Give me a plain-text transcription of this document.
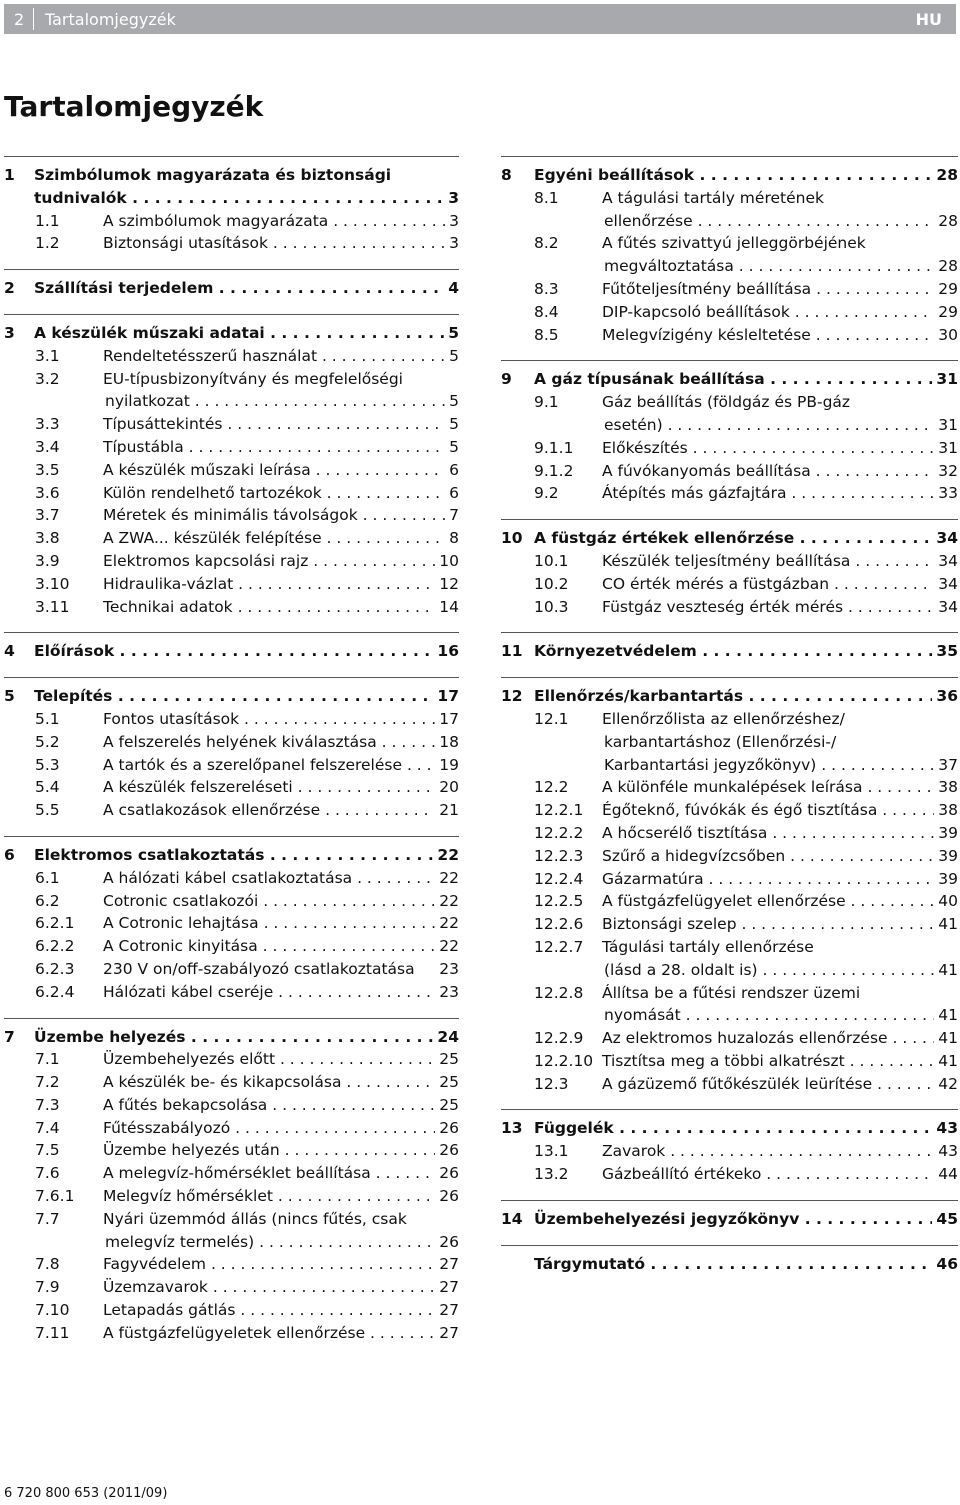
2 Tartalomjegyzék	HU
Tartalomjegyzék
1	Szimbólumok magyarázata és biztonsági
tudnivalók . . .	3
1.1	A szimbólumok magyarázata . . .	3
1.2	Biztonsági utasítások . . .	3
2	Szállítási terjedelem . . .	4
3	A készülék műszaki adatai . . .	5
3.1	Rendeltetésszerű használat . . .	5
3.2	EU-típusbizonyítvány és megfelelőségi
nyilatkozat . . .	5
3.3	Típusáttekintés . . .	5
3.4	Típustábla . . .	5
3.5	A készülék műszaki leírása . . .	6
3.6	Külön rendelhető tartozékok . . .	6
3.7	Méretek és minimális távolságok . . .	7
3.8	A ZWA... készülék felépítése . . .	8
3.9	Elektromos kapcsolási rajz . . .	10
3.10	Hidraulika-vázlat . . .	12
3.11	Technikai adatok . . .	14
4	Előírások . . .	16
5	Telepítés . . .	17
5.1	Fontos utasítások . . .	17
5.2	A felszerelés helyének kiválasztása . . .	18
5.3	A tartók és a szerelőpanel felszerelése . . .	19
5.4	A készülék felszereléseti . . .	20
5.5	A csatlakozások ellenőrzése . . .	21
6	Elektromos csatlakoztatás . . .	22
6.1	A hálózati kábel csatlakoztatása . . .	22
6.2	Cotronic csatlakozói . . .	22
6.2.1	A Cotronic lehajtása . . .	22
6.2.2	A Cotronic kinyitása . . .	22
6.2.3	230 V on/off-szabályozó csatlakoztatása	23
6.2.4	Hálózati kábel cseréje . . .	23
7	Üzembe helyezés . . .	24
7.1	Üzembehelyezés előtt . . .	25
7.2	A készülék be- és kikapcsolása . . .	25
7.3	A fűtés bekapcsolása . . .	25
7.4	Fűtésszabályozó . . .	26
7.5	Üzembe helyezés után . . .	26
7.6	A melegvíz-hőmérséklet beállítása . . .	26
7.6.1	Melegvíz hőmérséklet . . .	26
7.7	Nyári üzemmód állás (nincs fűtés, csak
melegvíz termelés) . . .	26
7.8	Fagyvédelem . . .	27
7.9	Üzemzavarok . . .	27
7.10	Letapadás gátlás . . .	27
7.11	A füstgázfelügyeletek ellenőrzése . . .	27
8	Egyéni beállítások . . .	28
8.1	A tágulási tartály méretének
ellenőrzése . . .	28
8.2	A fűtés szivattyú jelleggörbéjének
megváltoztatása . . .	28
8.3	Fűtőteljesítmény beállítása . . .	29
8.4	DIP-kapcsoló beállítások . . .	29
8.5	Melegvízigény késleltetése . . .	30
9	A gáz típusának beállítása . . .	31
9.1	Gáz beállítás (földgáz és PB-gáz
esetén) . . .	31
9.1.1	Előkészítés . . .	31
9.1.2	A fúvókanyomás beállítása . . .	32
9.2	Átépítés más gázfajtára . . .	33
10 A füstgáz értékek ellenőrzése . . .	34
10.1	Készülék teljesítmény beállítása . . .	34
10.2	CO érték mérés a füstgázban . . .	34
10.3	Füstgáz veszteség érték mérés . . .	34
11 Környezetvédelem . . .	35
12 Ellenőrzés/karbantartás . . .	36
12.1	Ellenőrzőlista az ellenőrzéshez/
karbantartáshoz (Ellenőrzési-/
Karbantartási jegyzőkönyv) . . .	37
12.2	A különféle munkalépések leírása . . .	38
12.2.1	Égőteknő, fúvókák és égő tisztítása . . .	38
12.2.2	A hőcserélő tisztítása . . .	39
12.2.3	Szűrő a hidegvízcsőben . . .	39
12.2.4	Gázarmatúra . . .	39
12.2.5	A füstgázfelügyelet ellenőrzése . . .	40
12.2.6	Biztonsági szelep . . .	41
12.2.7	Tágulási tartály ellenőrzése
(lásd a 28. oldalt is) . . .	41
12.2.8	Állítsa be a fűtési rendszer üzemi
nyomását . . .	41
12.2.9	Az elektromos huzalozás ellenőrzése . . .	41
12.2.10 Tisztítsa meg a többi alkatrészt . . .	41
12.3	A gázüzemő fűtőkészülék leürítése . . .	42
13 Függelék . . .	43
13.1	Zavarok . . .	43
13.2	Gázbeállító értékeko . . .	44
14 Üzembehelyezési jegyzőkönyv . . .	45
Tárgymutató . . .	46
6 720 800 653 (2011/09)
